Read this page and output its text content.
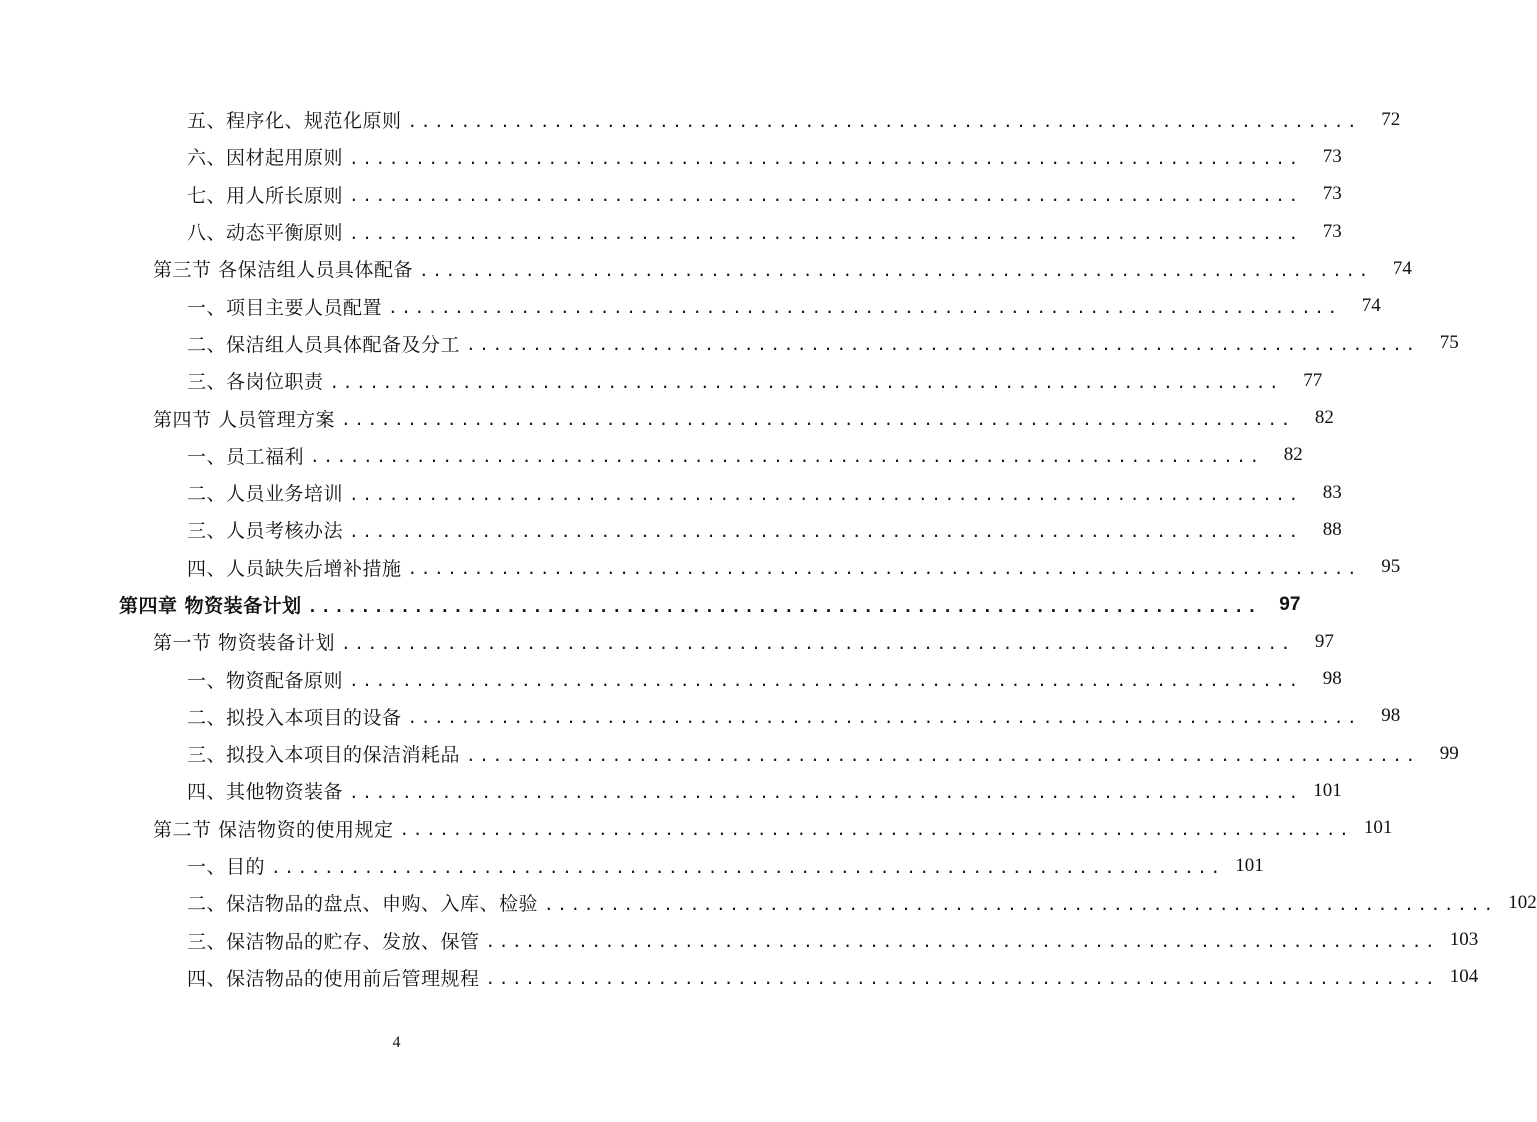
五、程序化、规范化原则 ........................................................................	72
六、因材起用原则 ........................................................................	73
七、用人所长原则 ........................................................................	73
八、动态平衡原则 ........................................................................	73
第三节 各保洁组人员具体配备 ........................................................................	74
一、项目主要人员配置 ........................................................................	74
二、保洁组人员具体配备及分工 ........................................................................	75
三、各岗位职责 ........................................................................	77
第四节 人员管理方案 ........................................................................	82
一、员工福利 ........................................................................	82
二、人员业务培训 ........................................................................	83
三、人员考核办法 ........................................................................	88
四、人员缺失后增补措施 ........................................................................	95
第四章 物资装备计划 ........................................................................ 97
第一节 物资装备计划 ........................................................................	97
一、物资配备原则 ........................................................................	98
二、拟投入本项目的设备 ........................................................................	98
三、拟投入本项目的保洁消耗品 ........................................................................	99
四、其他物资装备 ........................................................................ 101
第二节 保洁物资的使用规定 ........................................................................ 101
一、目的 ........................................................................ 101
二、保洁物品的盘点、申购、入库、检验 ........................................................................ 102
三、保洁物品的贮存、发放、保管 ........................................................................ 103
四、保洁物品的使用前后管理规程 ........................................................................ 104
4
